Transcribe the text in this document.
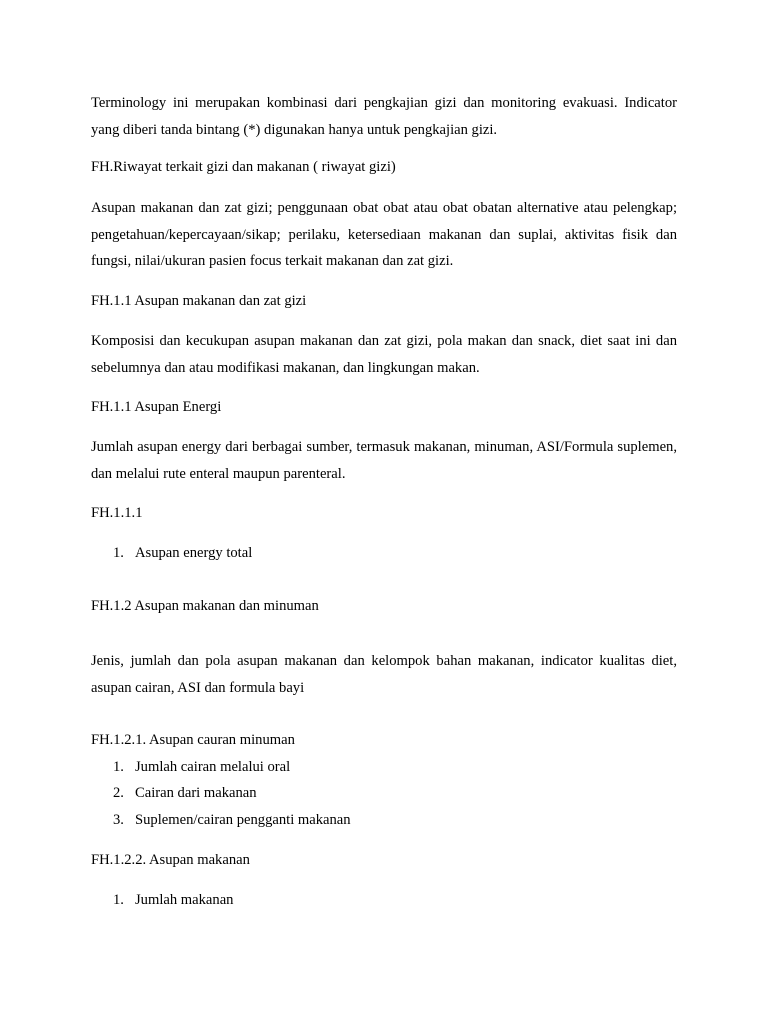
Terminology ini merupakan kombinasi dari pengkajian gizi dan monitoring evakuasi. Indicator yang diberi tanda bintang (*) digunakan hanya untuk pengkajian gizi.

FH.Riwayat terkait gizi dan makanan ( riwayat gizi)

Asupan makanan dan zat gizi; penggunaan obat obat atau obat obatan alternative atau pelengkap; pengetahuan/kepercayaan/sikap; perilaku, ketersediaan makanan dan suplai, aktivitas fisik dan fungsi, nilai/ukuran pasien focus terkait makanan dan zat gizi.

FH.1.1 Asupan makanan dan zat gizi

Komposisi dan kecukupan asupan makanan dan zat gizi, pola makan dan snack, diet saat ini dan sebelumnya dan atau modifikasi makanan, dan lingkungan makan.

FH.1.1 Asupan Energi

Jumlah asupan energy dari berbagai sumber, termasuk makanan, minuman, ASI/Formula suplemen, dan melalui rute enteral maupun parenteral.

FH.1.1.1

1. Asupan energy total

FH.1.2 Asupan makanan dan minuman

Jenis, jumlah dan pola asupan makanan dan kelompok bahan makanan, indicator kualitas diet, asupan cairan, ASI dan formula bayi

FH.1.2.1. Asupan cauran minuman

1. Jumlah cairan melalui oral
2. Cairan dari makanan
3. Suplemen/cairan pengganti makanan

FH.1.2.2. Asupan makanan

1. Jumlah makanan
